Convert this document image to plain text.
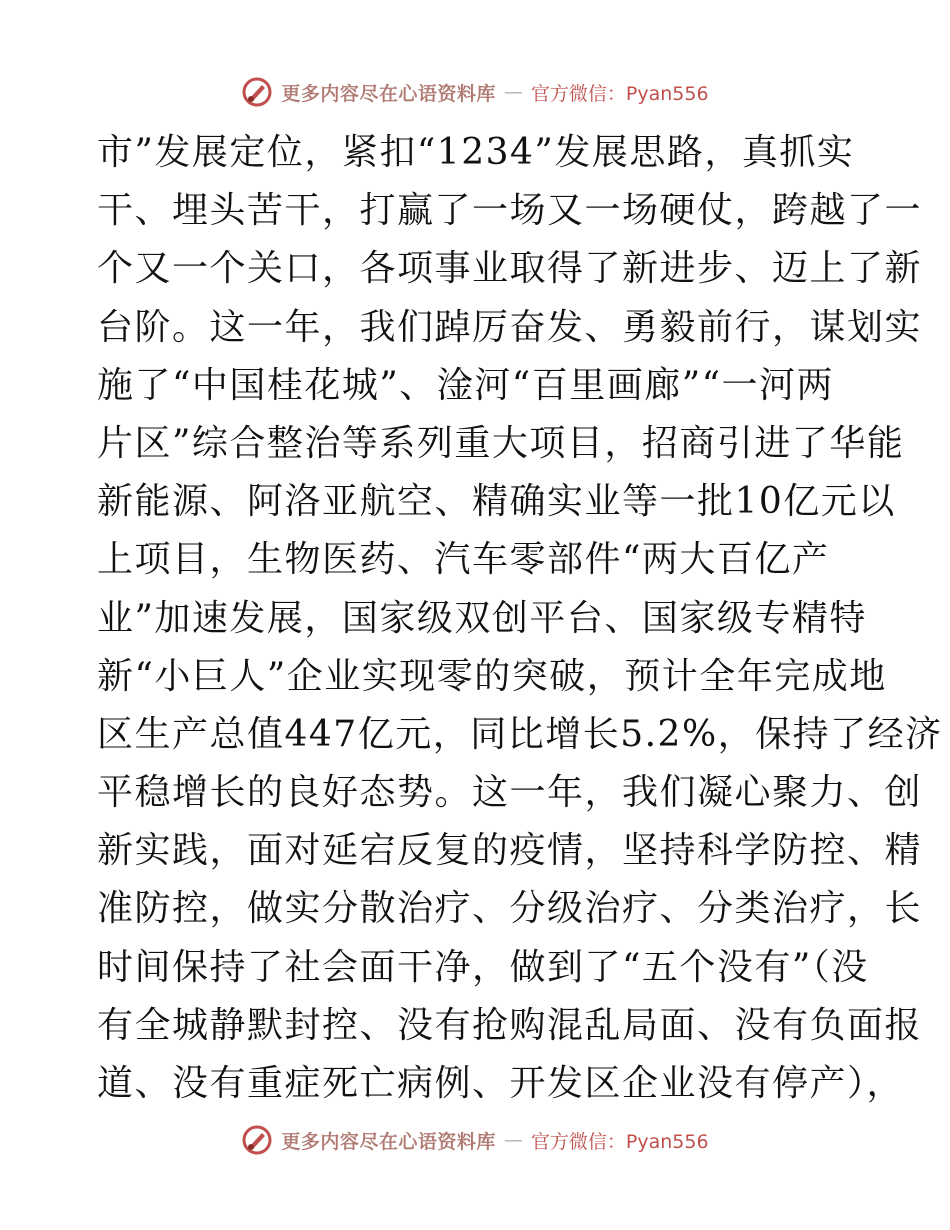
更多内容尽在心语资料库 — 官方微信：Pyan556
市”发展定位，紧扣“1234”发展思路，真抓实
干、埋头苦干，打赢了一场又一场硬仗，跨越了一
个又一个关口，各项事业取得了新进步、迈上了新
台阶。这一年，我们踔厉奋发、勇毅前行，谋划实
施了“中国桂花城”、淦河“百里画廊”“一河两
片区”综合整治等系列重大项目，招商引进了华能
新能源、阿洛亚航空、精确实业等一批10亿元以
上项目，生物医药、汽车零部件“两大百亿产
业”加速发展，国家级双创平台、国家级专精特
新“小巨人”企业实现零的突破，预计全年完成地
区生产总值447亿元，同比增长5.2%，保持了经济
平稳增长的良好态势。这一年，我们凝心聚力、创
新实践，面对延宕反复的疫情，坚持科学防控、精
准防控，做实分散治疗、分级治疗、分类治疗，长
时间保持了社会面干净，做到了“五个没有”（没
有全城静默封控、没有抢购混乱局面、没有负面报
道、没有重症死亡病例、开发区企业没有停产），
更多内容尽在心语资料库 — 官方微信：Pyan556
